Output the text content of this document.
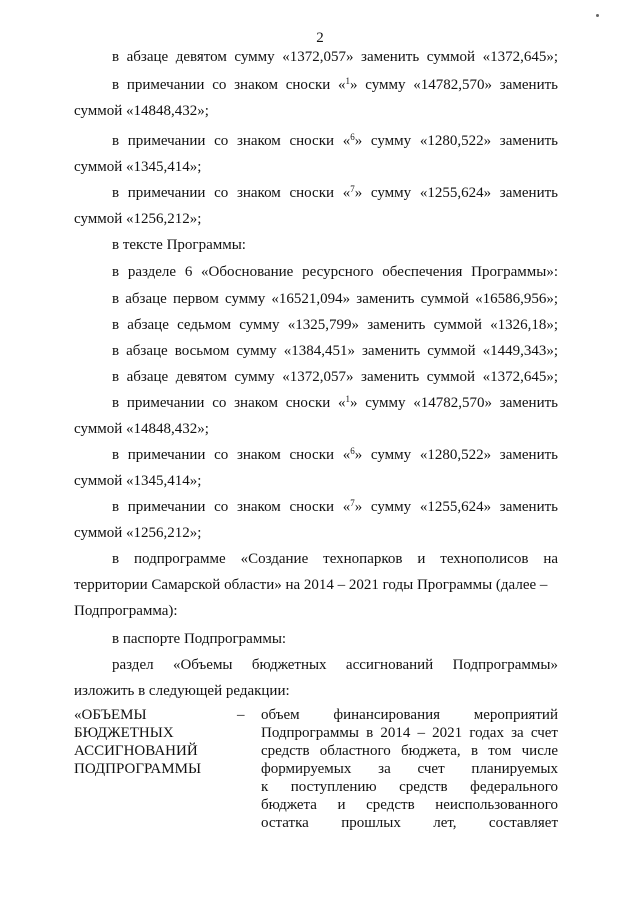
2
в абзаце девятом сумму «1372,057» заменить суммой «1372,645»;
в примечании со знаком сноски «$^1$» сумму «14782,570» заменить
суммой «14848,432»;
в примечании со знаком сноски «$^6$» сумму «1280,522» заменить
суммой «1345,414»;
в примечании со знаком сноски «$^7$» сумму «1255,624» заменить
суммой «1256,212»;
в тексте Программы:
в разделе 6 «Обоснование ресурсного обеспечения Программы»:
в абзаце первом сумму «16521,094» заменить суммой «16586,956»;
в абзаце седьмом сумму «1325,799» заменить суммой «1326,18»;
в абзаце восьмом сумму «1384,451» заменить суммой «1449,343»;
в абзаце девятом сумму «1372,057» заменить суммой «1372,645»;
в примечании со знаком сноски «$^1$» сумму «14782,570» заменить
суммой «14848,432»;
в примечании со знаком сноски «$^6$» сумму «1280,522» заменить
суммой «1345,414»;
в примечании со знаком сноски «$^7$» сумму «1255,624» заменить
суммой «1256,212»;
в подпрограмме «Создание технопарков и технополисов на
территории Самарской области» на 2014 – 2021 годы Программы (далее –
Подпрограмма):
в паспорте Подпрограммы:
раздел «Объемы бюджетных ассигнований Подпрограммы»
изложить в следующей редакции:
«ОБЪЕМЫ
БЮДЖЕТНЫХ
АССИГНОВАНИЙ
ПОДПРОГРАММЫ
– объем финансирования мероприятий
Подпрограммы в 2014 – 2021 годах за счет
средств областного бюджета, в том числе
формируемых за счет планируемых
к поступлению средств федерального
бюджета и средств неиспользованного
остатка прошлых лет, составляет
